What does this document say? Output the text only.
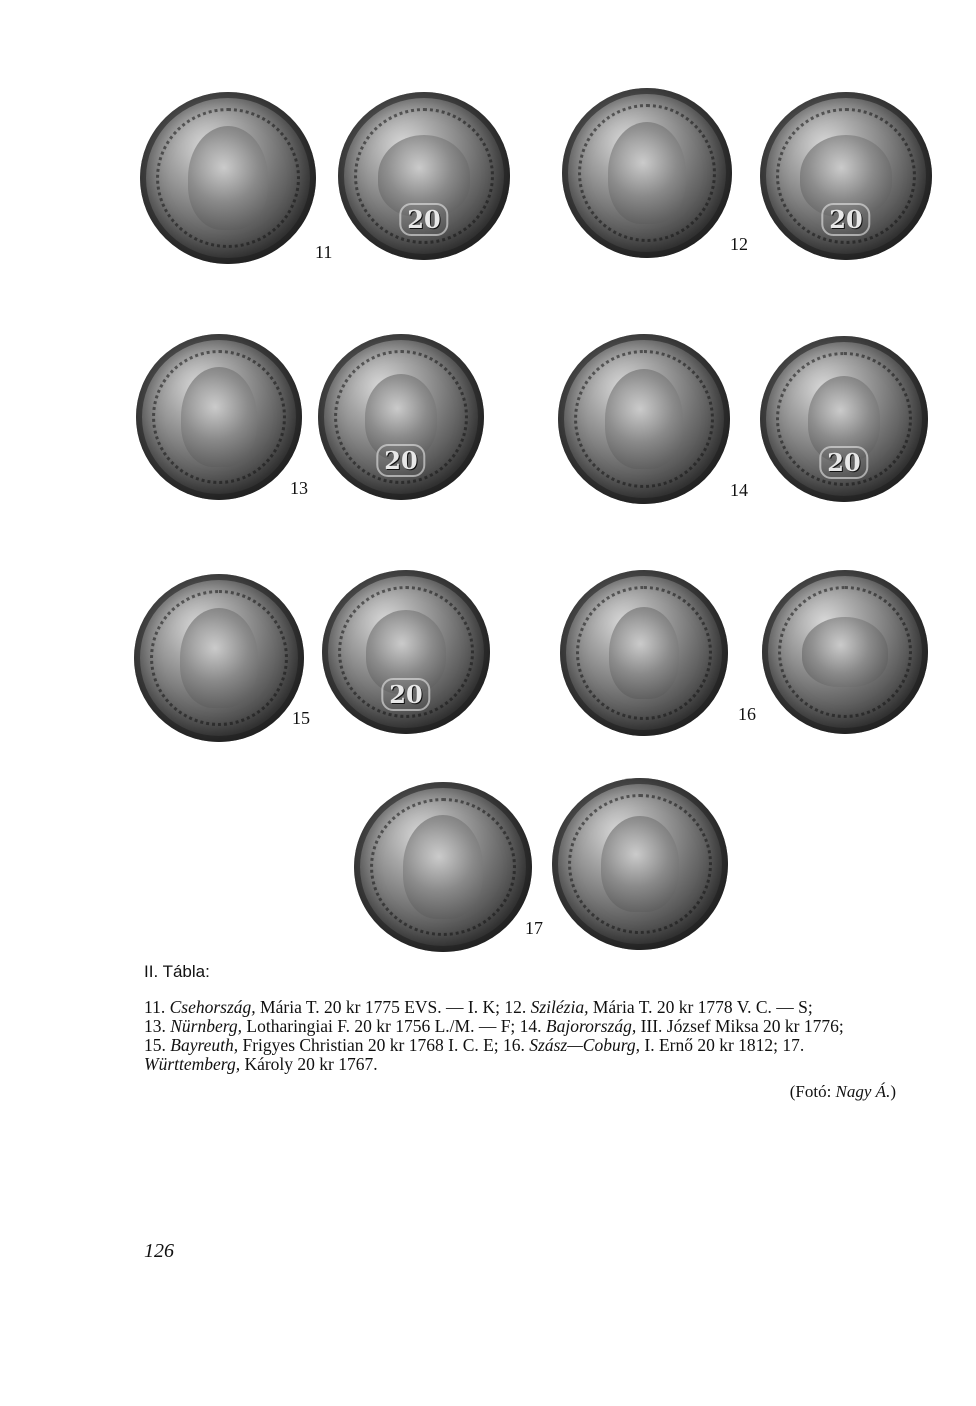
20
11
20
12
20
13
20
14
20
15	16
17
II. Tábla:
11. Csehország, Mária T. 20 kr 1775 EVS. — I. K; 12. Szilézia, Mária T. 20 kr 1778 V. C. — S;
13. Nürnberg, Lotharingiai F. 20 kr 1756 L./M. — F; 14. Bajorország, III. József Miksa 20 kr 1776;
15. Bayreuth, Frigyes Christian 20 kr 1768 I. C. E; 16. Szász—Coburg, I. Ernő 20 kr 1812; 17.
Württemberg, Károly 20 kr 1767.
(Fotó: Nagy Á.)
126
